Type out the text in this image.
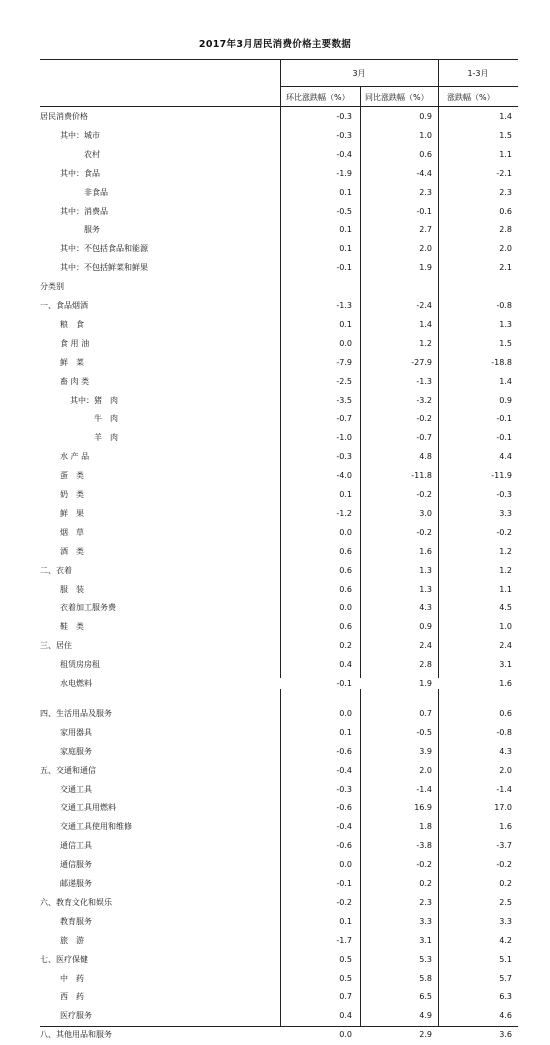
2017年3月居民消费价格主要数据
3月	1-3月
环比涨跌幅（%） 同比涨跌幅（%） 涨跌幅（%）
居民消费价格	-0.3	0.9	1.4
其中：城市	-0.3	1.0	1.5
农村	-0.4	0.6	1.1
其中：食品	-1.9	-4.4	-2.1
非食品	0.1	2.3	2.3
其中：消费品	-0.5	-0.1	0.6
服务	0.1	2.7	2.8
其中：不包括食品和能源	0.1	2.0	2.0
其中：不包括鲜菜和鲜果	-0.1	1.9	2.1
分类别
一、食品烟酒	-1.3	-2.4	-0.8
粮　食	0.1	1.4	1.3
食 用 油	0.0	1.2	1.5
鲜　菜	-7.9	-27.9	-18.8
畜 肉 类	-2.5	-1.3	1.4
其中：猪　肉	-3.5	-3.2	0.9
牛　肉	-0.7	-0.2	-0.1
羊　肉	-1.0	-0.7	-0.1
水 产 品	-0.3	4.8	4.4
蛋　类	-4.0	-11.8	-11.9
奶　类	0.1	-0.2	-0.3
鲜　果	-1.2	3.0	3.3
烟　草	0.0	-0.2	-0.2
酒　类	0.6	1.6	1.2
二、衣着	0.6	1.3	1.2
服　装	0.6	1.3	1.1
衣着加工服务费	0.0	4.3	4.5
鞋　类	0.6	0.9	1.0
三、居住	0.2	2.4	2.4
租赁房房租	0.4	2.8	3.1
水电燃料	-0.1	1.9	1.6
四、生活用品及服务	0.0	0.7	0.6
家用器具	0.1	-0.5	-0.8
家庭服务	-0.6	3.9	4.3
五、交通和通信	-0.4	2.0	2.0
交通工具	-0.3	-1.4	-1.4
交通工具用燃料	-0.6	16.9	17.0
交通工具使用和维修	-0.4	1.8	1.6
通信工具	-0.6	-3.8	-3.7
通信服务	0.0	-0.2	-0.2
邮递服务	-0.1	0.2	0.2
六、教育文化和娱乐	-0.2	2.3	2.5
教育服务	0.1	3.3	3.3
旅　游	-1.7	3.1	4.2
七、医疗保健	0.5	5.3	5.1
中　药	0.5	5.8	5.7
西　药	0.7	6.5	6.3
医疗服务	0.4	4.9	4.6
八、其他用品和服务	0.0	2.9	3.6
